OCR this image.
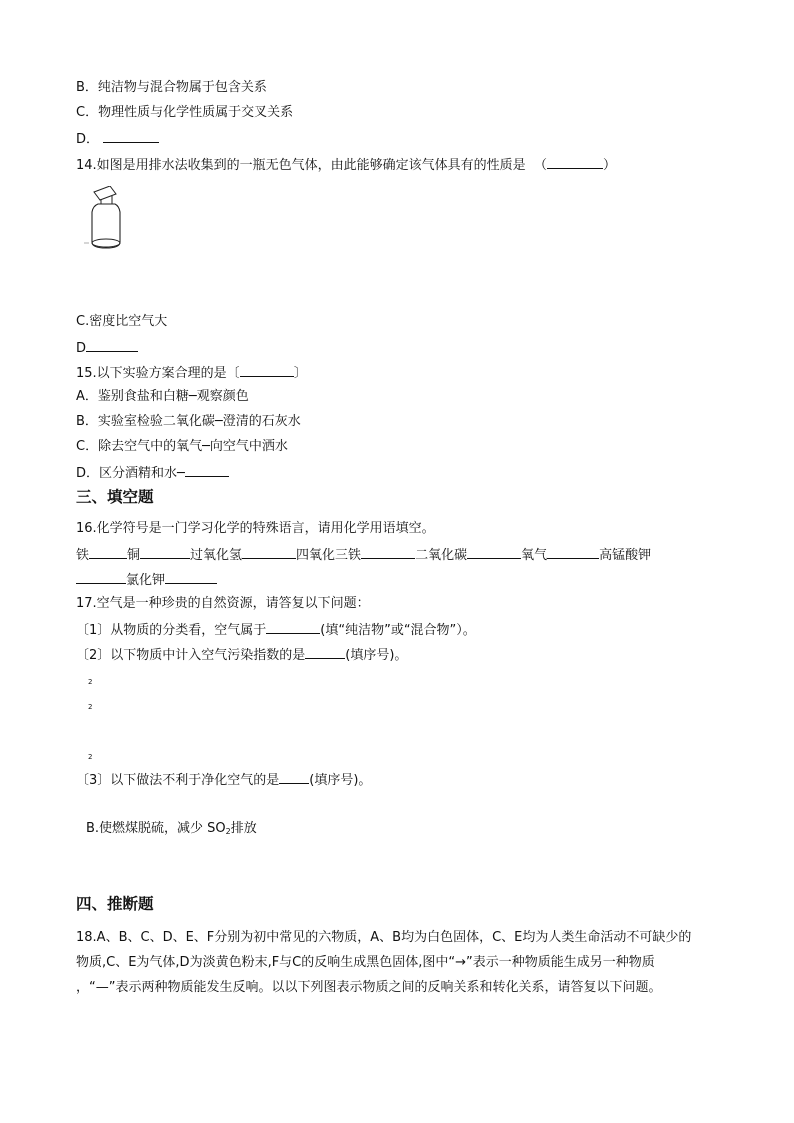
B．纯洁物与混合物属于包含关系
C．物理性质与化学性质属于交叉关系
D．
14.如图是用排水法收集到的一瓶无色气体，由此能够确定该气体具有的性质是  （	）
C.密度比空气大
D
15.以下实验方案合理的是〔	〕
A．鉴别食盐和白糖─观察颜色
B．实验室检验二氧化碳─澄清的石灰水
C．除去空气中的氧气─向空气中洒水
D．区分酒精和水─
三、填空题
16.化学符号是一门学习化学的特殊语言，请用化学用语填空。
铁	铜	过氧化氢	四氧化三铁	二氧化碳	氧气	高锰酸钾
氯化钾
17.空气是一种珍贵的自然资源，请答复以下问题：
〔1〕从物质的分类看，空气属于	(填“纯洁物”或“混合物”）。
〔2〕以下物质中计入空气污染指数的是	(填序号)。
2
2
2
〔3〕以下做法不利于净化空气的是 (填序号)。
B.使燃煤脱硫，减少 $SO_2$排放
四、推断题
18.A、B、C、D、E、F分别为初中常见的六物质，A、B均为白色固体，C、E均为人类生命活动不可缺少的
物质,C、E为气体,D为淡黄色粉末,F与C的反响生成黑色固体,图中“→”表示一种物质能生成另一种物质
，“—”表示两种物质能发生反响。以以下列图表示物质之间的反响关系和转化关系，请答复以下问题。
